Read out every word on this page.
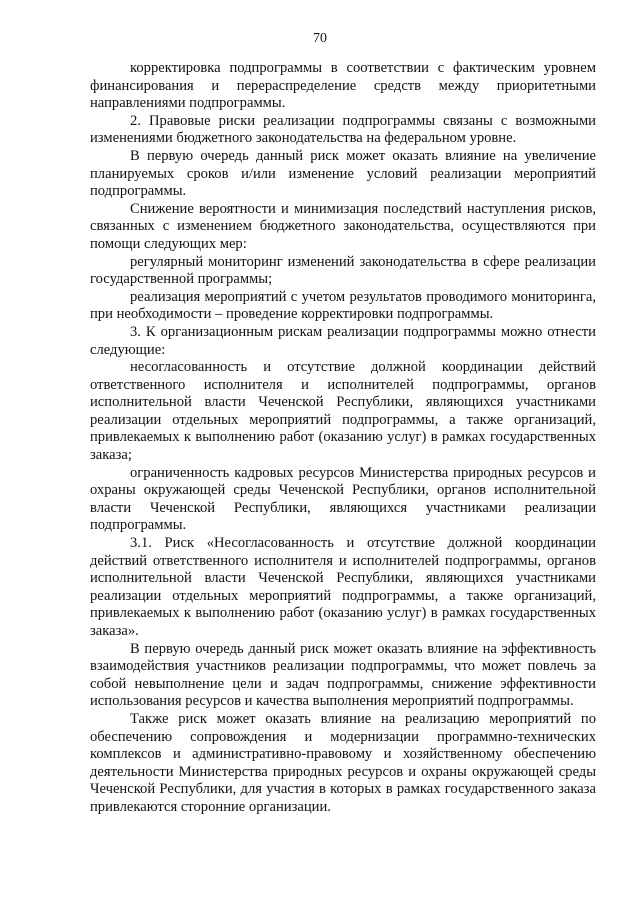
70

корректировка подпрограммы в соответствии с фактическим уровнем финансирования и перераспределение средств между приоритетными направлениями подпрограммы.

2. Правовые риски реализации подпрограммы связаны с возможными изменениями бюджетного законодательства на федеральном уровне.

В первую очередь данный риск может оказать влияние на увеличение планируемых сроков и/или изменение условий реализации мероприятий подпрограммы.

Снижение вероятности и минимизация последствий наступления рисков, связанных с изменением бюджетного законодательства, осуществляются при помощи следующих мер:

регулярный мониторинг изменений законодательства в сфере реализации государственной программы;

реализация мероприятий с учетом результатов проводимого мониторинга, при необходимости – проведение корректировки подпрограммы.

3. К организационным рискам реализации подпрограммы можно отнести следующие:

несогласованность и отсутствие должной координации действий ответственного исполнителя и исполнителей подпрограммы, органов исполнительной власти Чеченской Республики, являющихся участниками реализации отдельных мероприятий подпрограммы, а также организаций, привлекаемых к выполнению работ (оказанию услуг) в рамках государственных заказа;

ограниченность кадровых ресурсов Министерства природных ресурсов и охраны окружающей среды Чеченской Республики, органов исполнительной власти Чеченской Республики, являющихся участниками реализации подпрограммы.

3.1. Риск «Несогласованность и отсутствие должной координации действий ответственного исполнителя и исполнителей подпрограммы, органов исполнительной власти Чеченской Республики, являющихся участниками реализации отдельных мероприятий подпрограммы, а также организаций, привлекаемых к выполнению работ (оказанию услуг) в рамках государственных заказа».

В первую очередь данный риск может оказать влияние на эффективность взаимодействия участников реализации подпрограммы, что может повлечь за собой невыполнение цели и задач подпрограммы, снижение эффективности использования ресурсов и качества выполнения мероприятий подпрограммы.

Также риск может оказать влияние на реализацию мероприятий по обеспечению сопровождения и модернизации программно-технических комплексов и административно-правовому и хозяйственному обеспечению деятельности Министерства природных ресурсов и охраны окружающей среды Чеченской Республики, для участия в которых в рамках государственного заказа привлекаются сторонние организации.
